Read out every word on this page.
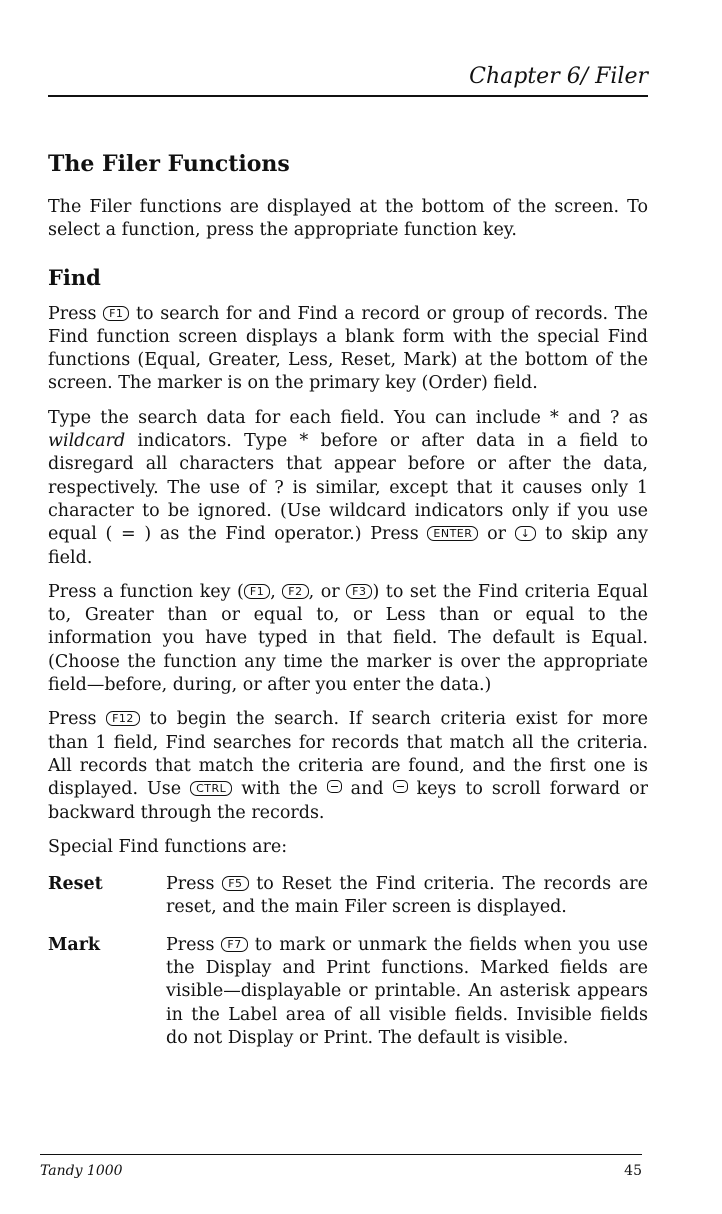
Chapter 6/ Filer
The Filer Functions

The Filer functions are displayed at the bottom of the screen. To select a function, press the appropriate function key.

Find

Press F1 to search for and Find a record or group of records. The Find function screen displays a blank form with the special Find functions (Equal, Greater, Less, Reset, Mark) at the bottom of the screen. The marker is on the primary key (Order) field.

Type the search data for each field. You can include * and ? as wildcard indicators. Type * before or after data in a field to disregard all characters that appear before or after the data, respectively. The use of ? is similar, except that it causes only 1 character to be ignored. (Use wildcard indicators only if you use equal ( = ) as the Find operator.) Press ENTER or ↓ to skip any field.

Press a function key ( F1 , F2 , or F3 ) to set the Find criteria Equal to, Greater than or equal to, or Less than or equal to the information you have typed in that field. The default is Equal. (Choose the function any time the marker is over the appropriate field—before, during, or after you enter the data.)

Press F12 to begin the search. If search criteria exist for more than 1 field, Find searches for records that match all the criteria. All records that match the criteria are found, and the first one is displayed. Use CTRL with the  and  keys to scroll forward or backward through the records.

Special Find functions are:

Reset	Press F5 to Reset the Find criteria. The records are reset, and the main Filer screen is displayed.
Mark	Press F7 to mark or unmark the fields when you use the Display and Print functions. Marked fields are visible—displayable or printable. An asterisk appears in the Label area of all visible fields. Invisible fields do not Display or Print. The default is visible.
Tandy 1000	45
